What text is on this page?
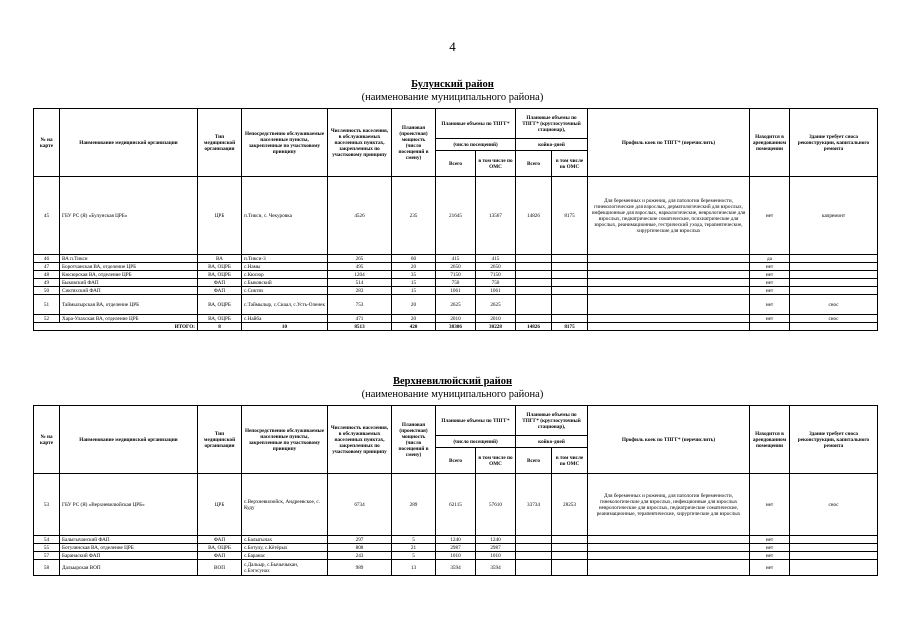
4
Булунский район
(наименование муниципального района)
№ на карте	Наименование медицинской организации	Тип медицинской организации	Непосредственно обслуживаемые населенные пункты, закрепленные по участковому принципу	Численность населения, в обслуживаемых населенных пунктах, закрепленных по участковому принципу	Плановая (проектная) мощность (число посещений в смену)	Плановые объемы по ТПГГ*		Плановые объемы по ТПГГ* (круглосуточный стационар),		Профиль коек по ТПГГ* (перечислить)	Находится в арендованном помещении	Здание требует сноса реконструкции, капитального ремонта
						(число посещений)		койко-дней				
						Всего	в том числе по ОМС	Всего	в том числе по ОМС			
45	ГБУ РС (Я) «Булунская ЦРБ»	ЦРБ	п.Тикси, с. Чекуровка	4526	235	21645	13567	14826	8175	Для беременных и рожениц, для патологии беременности, гинекологические для взрослых, дерматологический для взрослых, инфекционные для взрослых, наркологические, неврологические для взрослых, педиатрические соматические, психиатрические для взрослых, реанимационные, гестрический ухода, терапевтические, хирургические для взрослых	нет	капремонт
46	ВА п.Тикси	ВА	п.Тикси-3	265	60	415	415				да	
47	Боротчанская ВА, отделение ЦРБ	ВА, ОЦРБ	с.Намы	495	20	2650	2650				нет	
48	Кюсюрская ВА, отделение ЦРБ	ВА, ОЦРБ	с.Кюсюр	1204	35	7150	7150				нет	
49	Быковский ФАП	ФАП	с.Быковский	514	15	750	750				нет	
50	Сиктяхский ФАП	ФАП	с.Сиктях	283	15	1061	1061				нет	
51	Таймылырская ВА, отделение ЦРБ	ВА, ОЦРБ	с.Таймылыр, с.Сиаал, с.Усть-Оленек	753	20	2625	2625				нет	снос
52	Хара-Улахская ВА, отделение ЦРБ	ВА, ОЦРБ	с.Найба	471	20	2010	2010				нет	снос
ИТОГО:		8	10	8513	420	38306	30228	14826	8175			
Верхневилюйский район
(наименование муниципального района)
№ на карте	Наименование медицинской организации	Тип медицинской организации	Непосредственно обслуживаемые населенные пункты, закрепленные по участковому принципу	Численность населения, в обслуживаемых населенных пунктах, закрепленных по участковому принципу	Плановая (проектная) мощность (число посещений в смену)	Плановые объемы по ТПГГ*		Плановые объемы по ТПГГ* (круглосуточный стационар),		Профиль коек по ТПГГ* (перечислить)	Находится в арендованном помещении	Здание требует сноса реконструкции, капитального ремонта
						(число посещений)		койко-дней				
						Всего	в том числе по ОМС	Всего	в том числе по ОМС			
53	ГБУ РС (Я) «Верхневилюйская ЦРБ»	ЦРБ	с.Верхневилюйск, Андреевское, с. Кудy	6734	289	62115	57610	33734	28253	Для беременных и рожениц, для патологии беременности, гинекологические для взрослых, инфекционные для взрослых неврологические для взрослых, педиатрические соматические, реанимационные, терапевтические, хирургические для взрослых	нет	снос
54	Балыгычанский ФАП	ФАП	с.Балыгычах	297	5	1240	1240				нет	
55	Ботулинская ВА, отделение ЦРБ	ВА, ОЦРБ	с.Ботулу, с.Кётёрых	808	21	2987	2987				нет	
57	Баранаский ФАП	ФАП	с.Баранас	243	5	1010	1010				нет	
58	Дальырская ВОП	ВОП	с.Дальыр, с.Бычычыкан, с.Бэгэсунах	989	13	3594	3594				нет	
